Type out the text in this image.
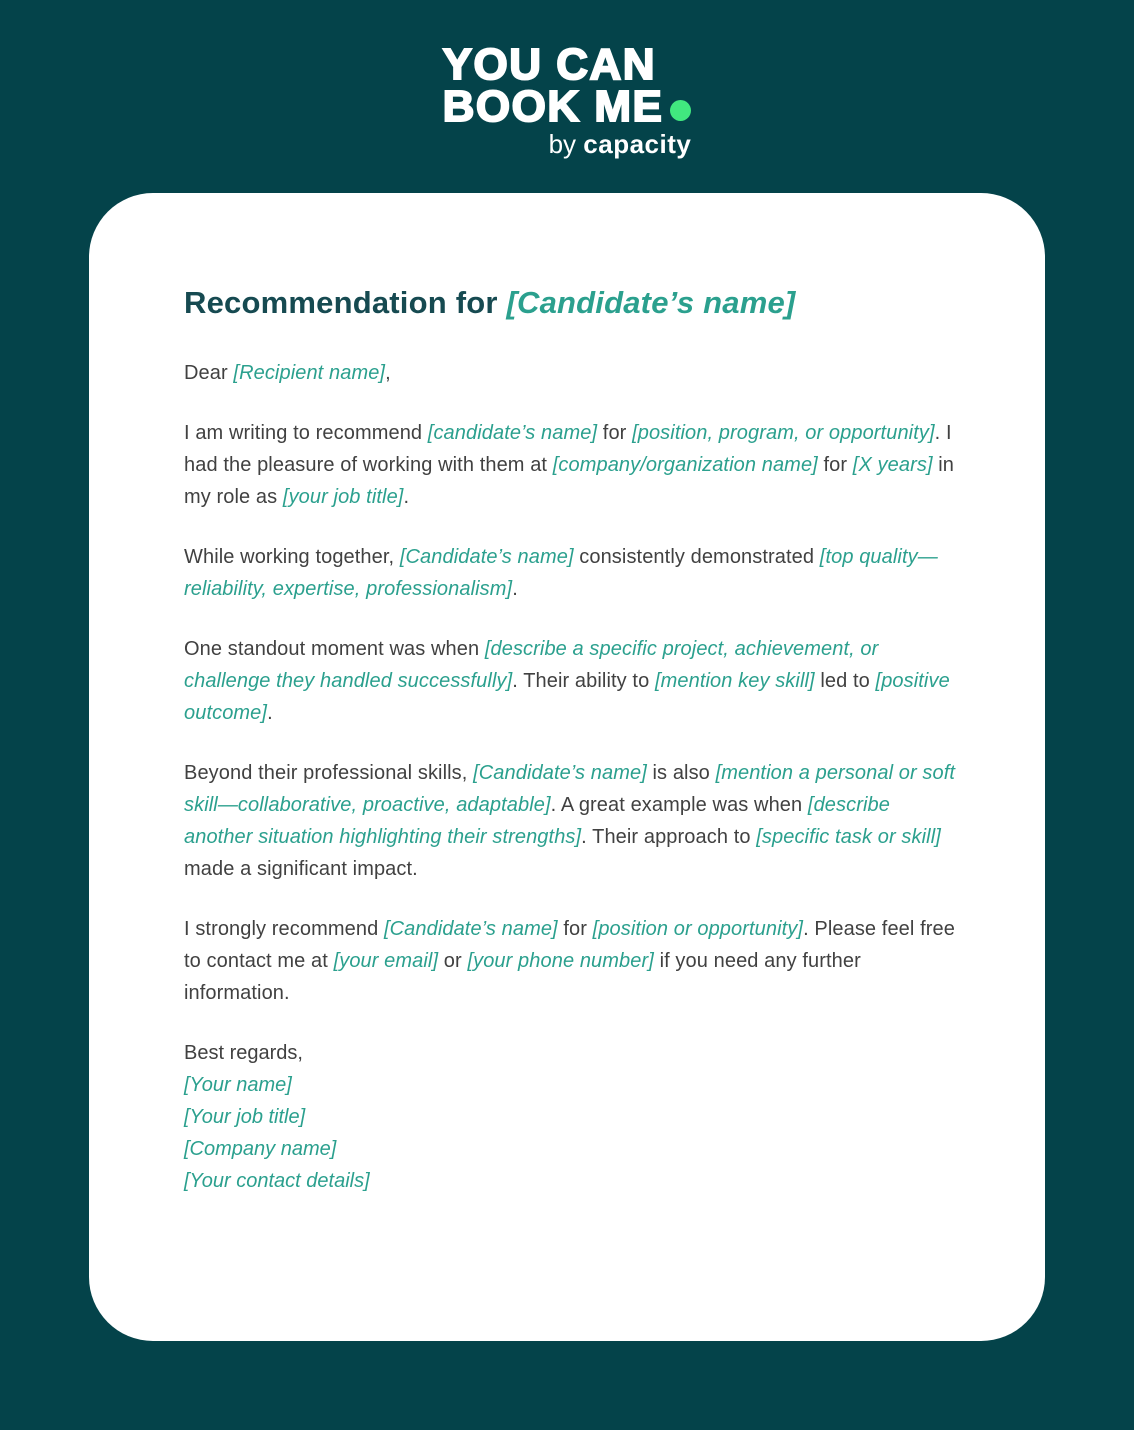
YOU CAN
BOOK ME
by capacity
Recommendation for [Candidate’s name]

Dear [Recipient name],

I am writing to recommend [candidate’s name] for [position, program, or opportunity]. I had the pleasure of working with them at [company/organization name] for [X years] in my role as [your job title].

While working together, [Candidate’s name] consistently demonstrated [top quality—reliability, expertise, professionalism].

One standout moment was when [describe a specific project, achievement, or challenge they handled successfully]. Their ability to [mention key skill] led to [positive outcome].

Beyond their professional skills, [Candidate’s name] is also [mention a personal or soft skill—collaborative, proactive, adaptable]. A great example was when [describe another situation highlighting their strengths]. Their approach to [specific task or skill] made a significant impact.

I strongly recommend [Candidate’s name] for [position or opportunity]. Please feel free to contact me at [your email] or [your phone number] if you need any further information.

Best regards,
[Your name]
[Your job title]
[Company name]
[Your contact details]
